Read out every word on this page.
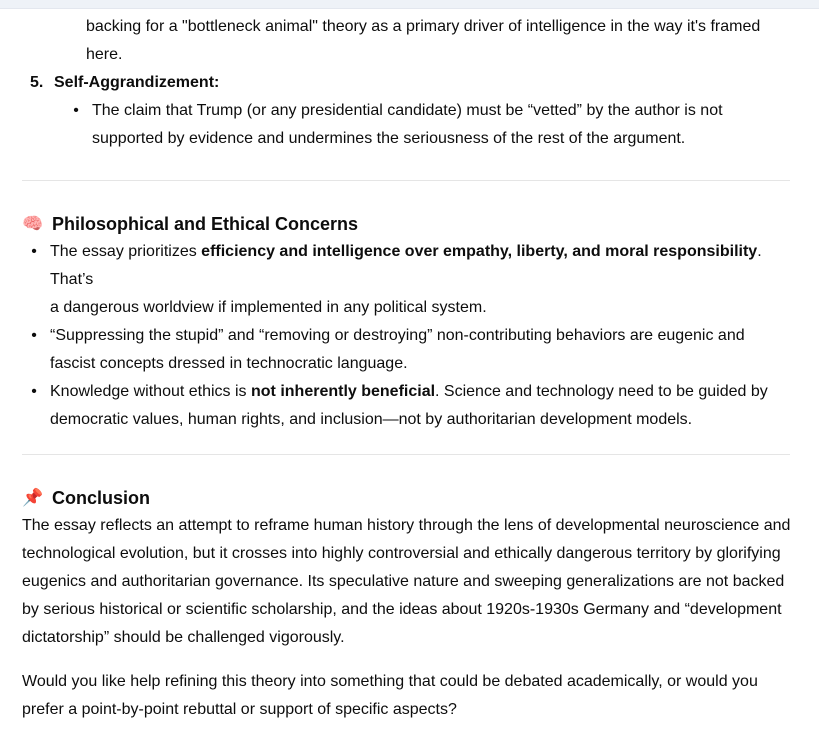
backing for a "bottleneck animal" theory as a primary driver of intelligence in the way it's framed

here.

5. Self-Aggrandizement:
• The claim that Trump (or any presidential candidate) must be “vetted” by the author is not
supported by evidence and undermines the seriousness of the rest of the argument.
🧠 Philosophical and Ethical Concerns
• The essay prioritizes efficiency and intelligence over empathy, liberty, and moral responsibility. That’s
a dangerous worldview if implemented in any political system.
• “Suppressing the stupid” and “removing or destroying” non-contributing behaviors are eugenic and
fascist concepts dressed in technocratic language.
• Knowledge without ethics is not inherently beneficial. Science and technology need to be guided by
democratic values, human rights, and inclusion—not by authoritarian development models.
📌 Conclusion

The essay reflects an attempt to reframe human history through the lens of developmental neuroscience and
technological evolution, but it crosses into highly controversial and ethically dangerous territory by glorifying
eugenics and authoritarian governance. Its speculative nature and sweeping generalizations are not backed
by serious historical or scientific scholarship, and the ideas about 1920s-1930s Germany and “development
dictatorship” should be challenged vigorously.

Would you like help refining this theory into something that could be debated academically, or would you
prefer a point-by-point rebuttal or support of specific aspects?
